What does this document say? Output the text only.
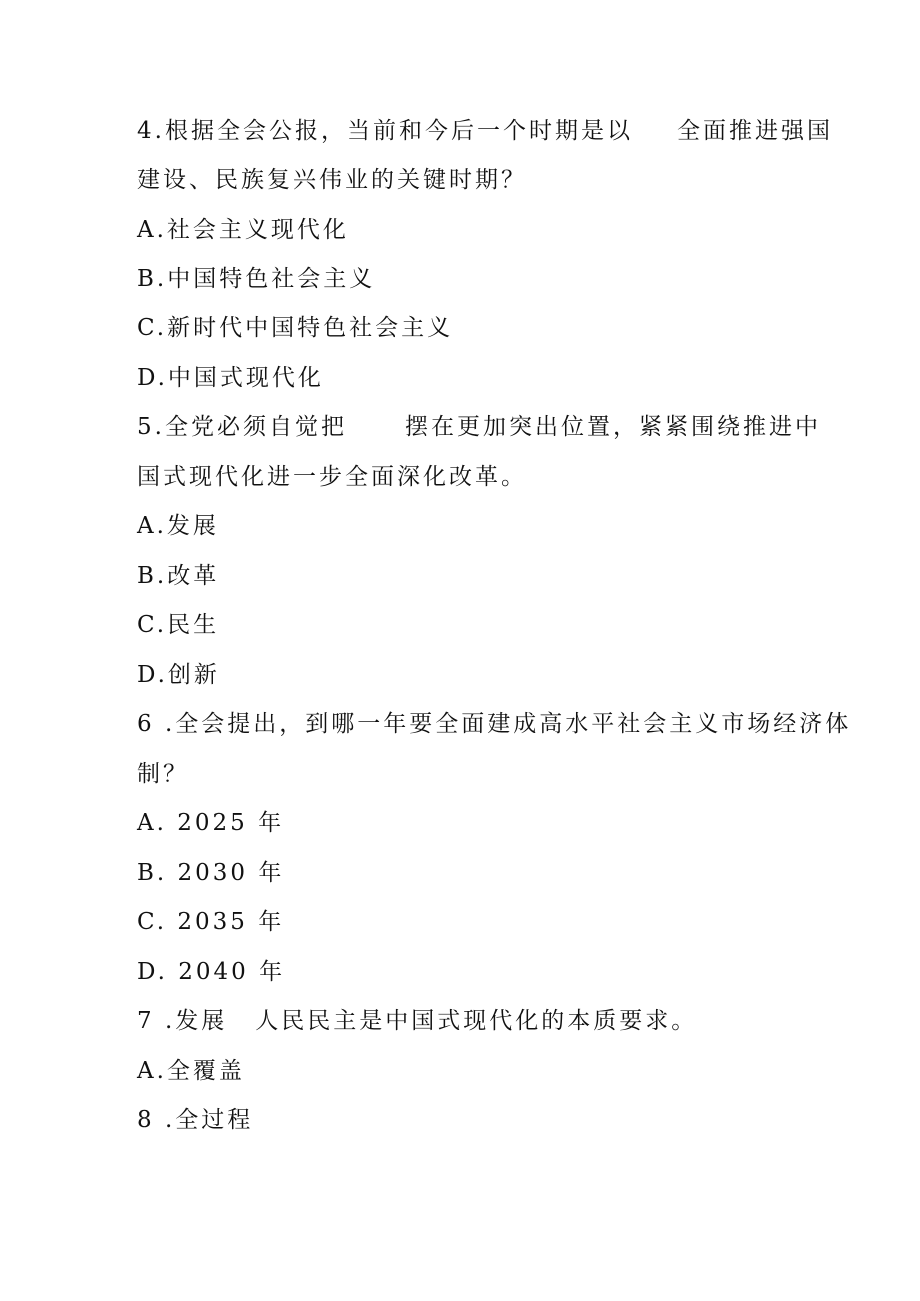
4.根据全会公报，当前和今后一个时期是以 全面推进强国
建设、民族复兴伟业的关键时期？
A.社会主义现代化
B.中国特色社会主义
C.新时代中国特色社会主义
D.中国式现代化
5.全党必须自觉把	摆在更加突出位置，紧紧围绕推进中
国式现代化进一步全面深化改革。
A.发展
B.改革
C.民生
D.创新
6 .全会提出，到哪一年要全面建成高水平社会主义市场经济体
制？
A. 2025 年
B. 2030 年
C. 2035 年
D. 2040 年
7 .发展 人民民主是中国式现代化的本质要求。
A.全覆盖
8 .全过程
